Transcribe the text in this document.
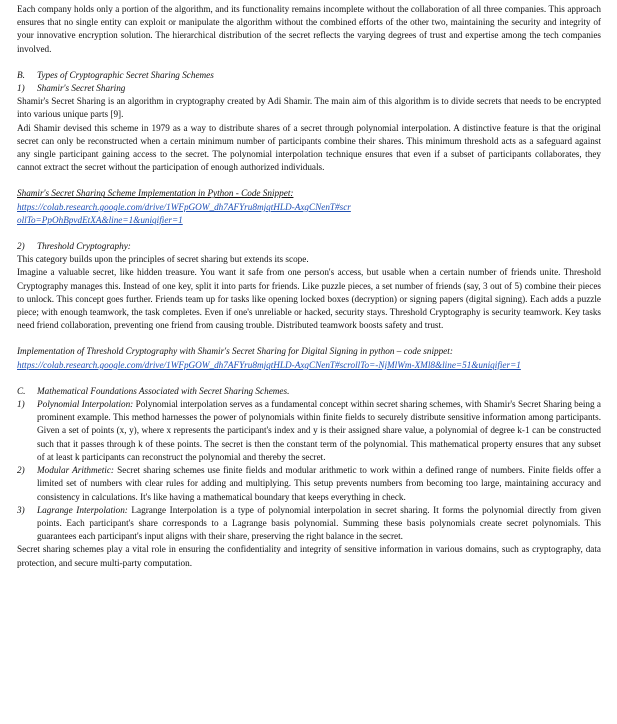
Each company holds only a portion of the algorithm, and its functionality remains incomplete without the collaboration of all three companies. This approach ensures that no single entity can exploit or manipulate the algorithm without the combined efforts of the other two, maintaining the security and integrity of your innovative encryption solution. The hierarchical distribution of the secret reflects the varying degrees of trust and expertise among the tech companies involved.

B. Types of Cryptographic Secret Sharing Schemes
1) Shamir's Secret Sharing

Shamir's Secret Sharing is an algorithm in cryptography created by Adi Shamir. The main aim of this algorithm is to divide secrets that needs to be encrypted into various unique parts [9].

Adi Shamir devised this scheme in 1979 as a way to distribute shares of a secret through polynomial interpolation. A distinctive feature is that the original secret can only be reconstructed when a certain minimum number of participants combine their shares. This minimum threshold acts as a safeguard against any single participant gaining access to the secret. The polynomial interpolation technique ensures that even if a subset of participants collaborates, they cannot extract the secret without the participation of enough authorized individuals.

Shamir's Secret Sharing Scheme Implementation in Python - Code Snippet:

https://colab.research.google.com/drive/1WFpGOW_dh7AFYru8mjqtHLD-AxgCNenT#scrollTo=PpOhBpvdEtXA&line=1&uniqifier=1

2) Threshold Cryptography:

This category builds upon the principles of secret sharing but extends its scope.

Imagine a valuable secret, like hidden treasure. You want it safe from one person's access, but usable when a certain number of friends unite. Threshold Cryptography manages this. Instead of one key, split it into parts for friends. Like puzzle pieces, a set number of friends (say, 3 out of 5) combine their pieces to unlock. This concept goes further. Friends team up for tasks like opening locked boxes (decryption) or signing papers (digital signing). Each adds a puzzle piece; with enough teamwork, the task completes. Even if one's unreliable or hacked, security stays. Threshold Cryptography is security teamwork. Key tasks need friend collaboration, preventing one friend from causing trouble. Distributed teamwork boosts safety and trust.

Implementation of Threshold Cryptography with Shamir's Secret Sharing for Digital Signing in python – code snippet:

https://colab.research.google.com/drive/1WFpGOW_dh7AFYru8mjqtHLD-AxgCNenT#scrollTo=-NjMlWm-XMl8&line=51&uniqifier=1

C. Mathematical Foundations Associated with Secret Sharing Schemes.
1)	Polynomial Interpolation: Polynomial interpolation serves as a fundamental concept within secret sharing schemes, with Shamir's Secret Sharing being a prominent example. This method harnesses the power of polynomials within finite fields to securely distribute sensitive information among participants. Given a set of points (x, y), where x represents the participant's index and y is their assigned share value, a polynomial of degree k-1 can be constructed such that it passes through k of these points. The secret is then the constant term of the polynomial. This mathematical property ensures that any subset of at least k participants can reconstruct the polynomial and thereby the secret.

2)	Modular Arithmetic: Secret sharing schemes use finite fields and modular arithmetic to work within a defined range of numbers. Finite fields offer a limited set of numbers with clear rules for adding and multiplying. This setup prevents numbers from becoming too large, maintaining accuracy and consistency in calculations. It's like having a mathematical boundary that keeps everything in check.

3)	Lagrange Interpolation: Lagrange Interpolation is a type of polynomial interpolation in secret sharing. It forms the polynomial directly from given points. Each participant's share corresponds to a Lagrange basis polynomial. Summing these basis polynomials create secret polynomials. This guarantees each participant's input aligns with their share, preserving the right balance in the secret.

Secret sharing schemes play a vital role in ensuring the confidentiality and integrity of sensitive information in various domains, such as cryptography, data protection, and secure multi-party computation.
